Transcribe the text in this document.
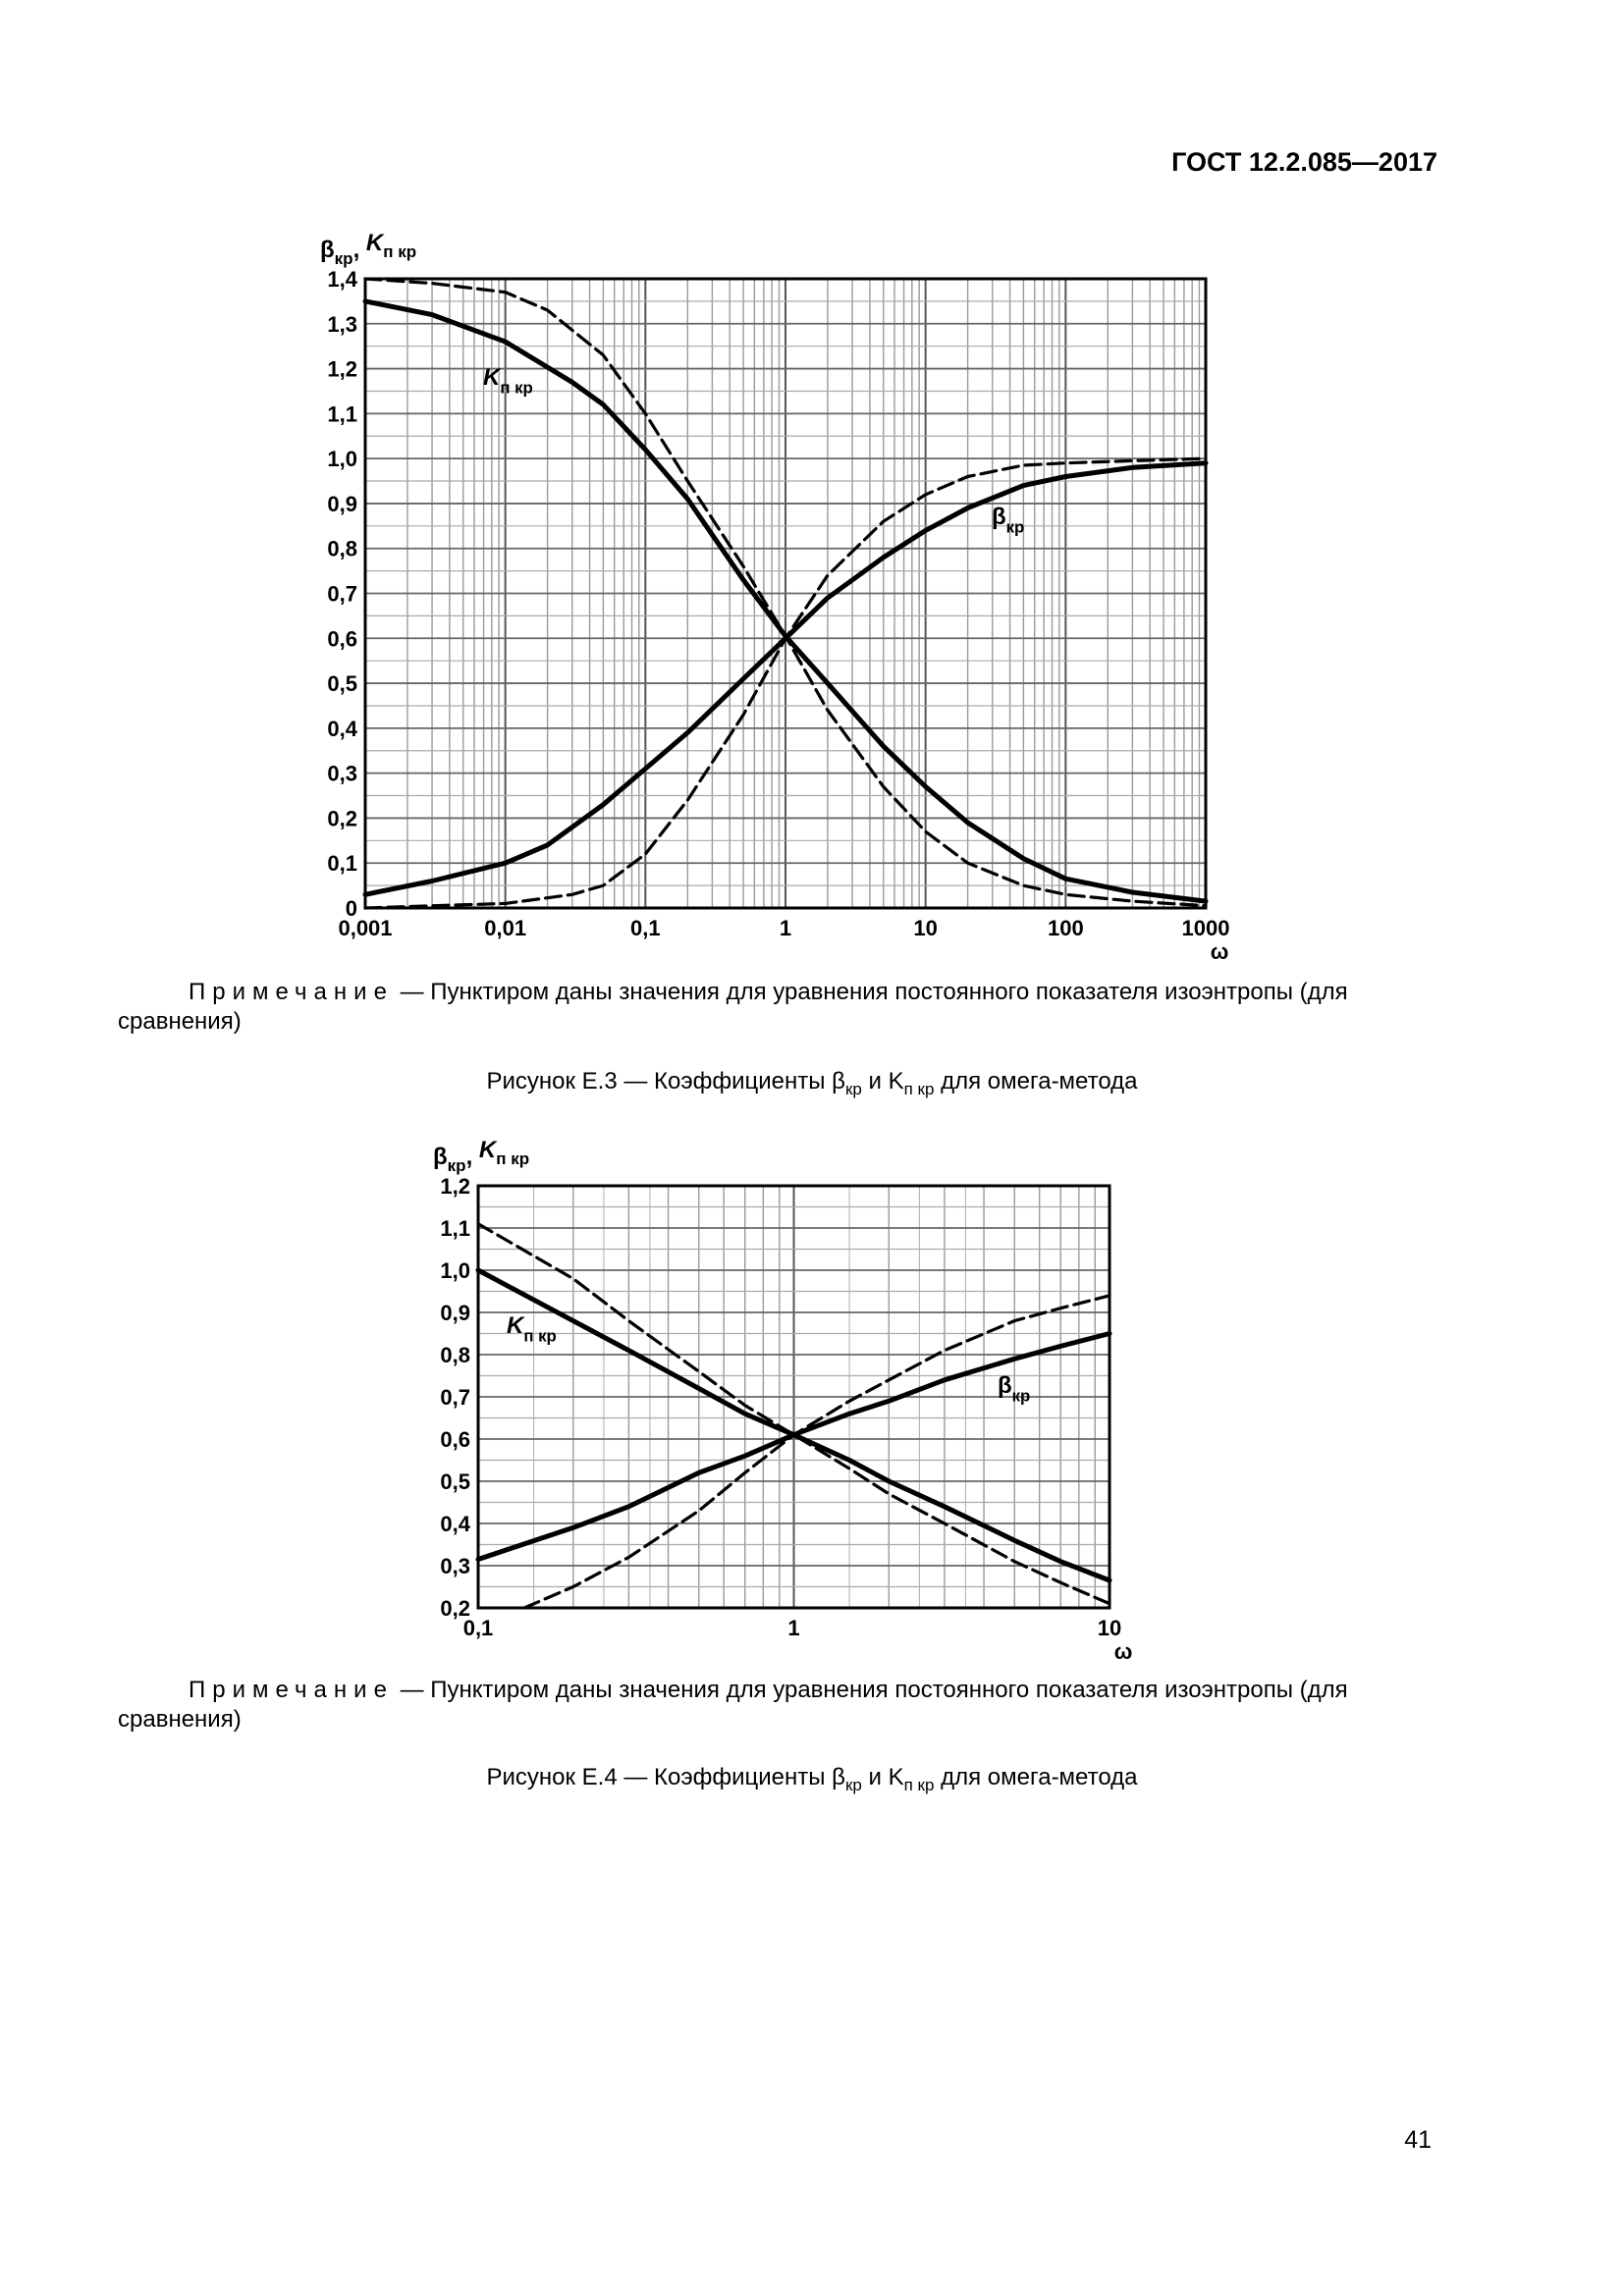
ГОСТ 12.2.085—2017
0
0,1
0,2
0,3
0,4
0,5
0,6
0,7
0,8
0,9
1,0
1,1
1,2
1,3
1,4
0,001	0,01	0,1	1	10	100	1000
ω
$\beta_{кр}$, $K_{п кр}$
$K_{п кр}$
$\beta_{кр}$
Примечание — Пунктиром даны значения для уравнения постоянного показателя изоэнтропы (для сравнения)
Рисунок Е.3 — Коэффициенты $\beta_{кр}$ и $K_{п кр}$ для омега-метода
0,2
0,3
0,4
0,5
0,6
0,7
0,8
0,9
1,0
1,1
1,2
0,1	1	10
ω
$\beta_{кр}$, $K_{п кр}$
$K_{п кр}$
$\beta_{кр}$
Примечание — Пунктиром даны значения для уравнения постоянного показателя изоэнтропы (для сравнения)
Рисунок Е.4 — Коэффициенты $\beta_{кр}$ и $K_{п кр}$ для омега-метода
41
